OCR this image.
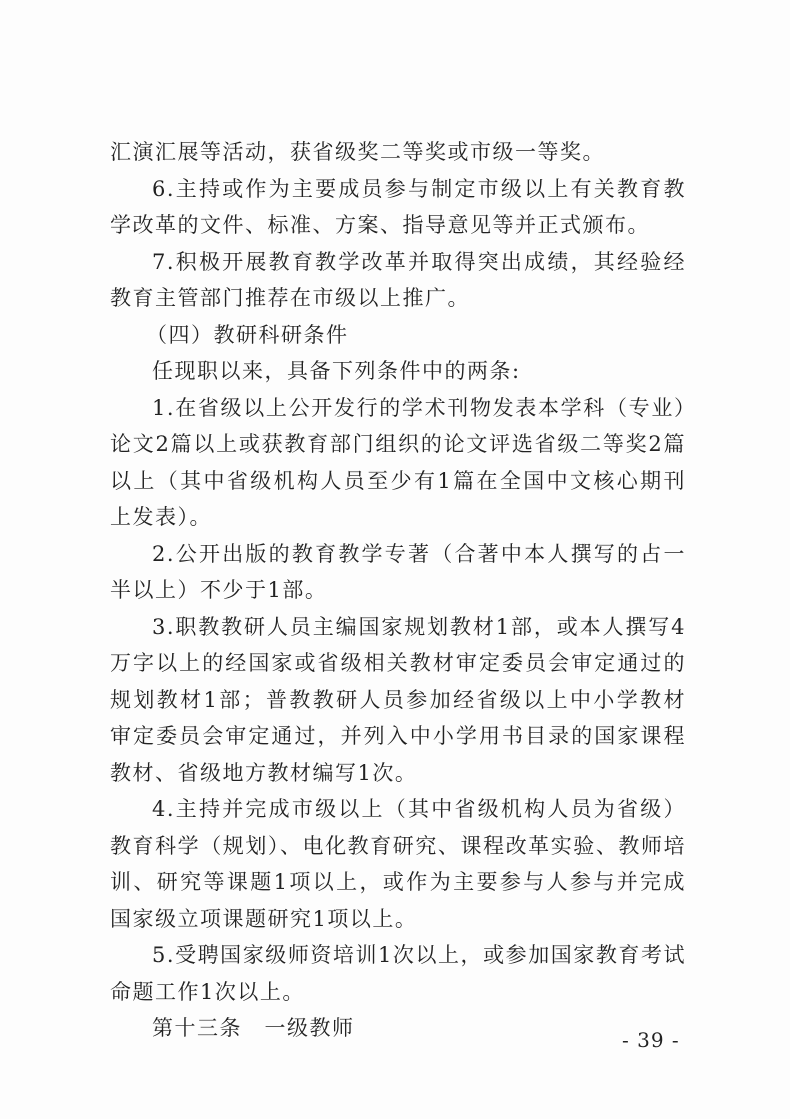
汇演汇展等活动，获省级奖二等奖或市级一等奖。

6.主持或作为主要成员参与制定市级以上有关教育教学改革的文件、标准、方案、指导意见等并正式颁布。

7.积极开展教育教学改革并取得突出成绩，其经验经教育主管部门推荐在市级以上推广。

（四）教研科研条件

任现职以来，具备下列条件中的两条:

1.在省级以上公开发行的学术刊物发表本学科（专业）论文2篇以上或获教育部门组织的论文评选省级二等奖2篇以上（其中省级机构人员至少有1篇在全国中文核心期刊上发表）。

2.公开出版的教育教学专著（合著中本人撰写的占一半以上）不少于1部。

3.职教教研人员主编国家规划教材1部，或本人撰写4万字以上的经国家或省级相关教材审定委员会审定通过的规划教材1部；普教教研人员参加经省级以上中小学教材审定委员会审定通过，并列入中小学用书目录的国家课程教材、省级地方教材编写1次。

4.主持并完成市级以上（其中省级机构人员为省级）教育科学（规划）、电化教育研究、课程改革实验、教师培训、研究等课题1项以上，或作为主要参与人参与并完成国家级立项课题研究1项以上。

5.受聘国家级师资培训1次以上，或参加国家教育考试命题工作1次以上。

第十三条　一级教师	- 39 -
